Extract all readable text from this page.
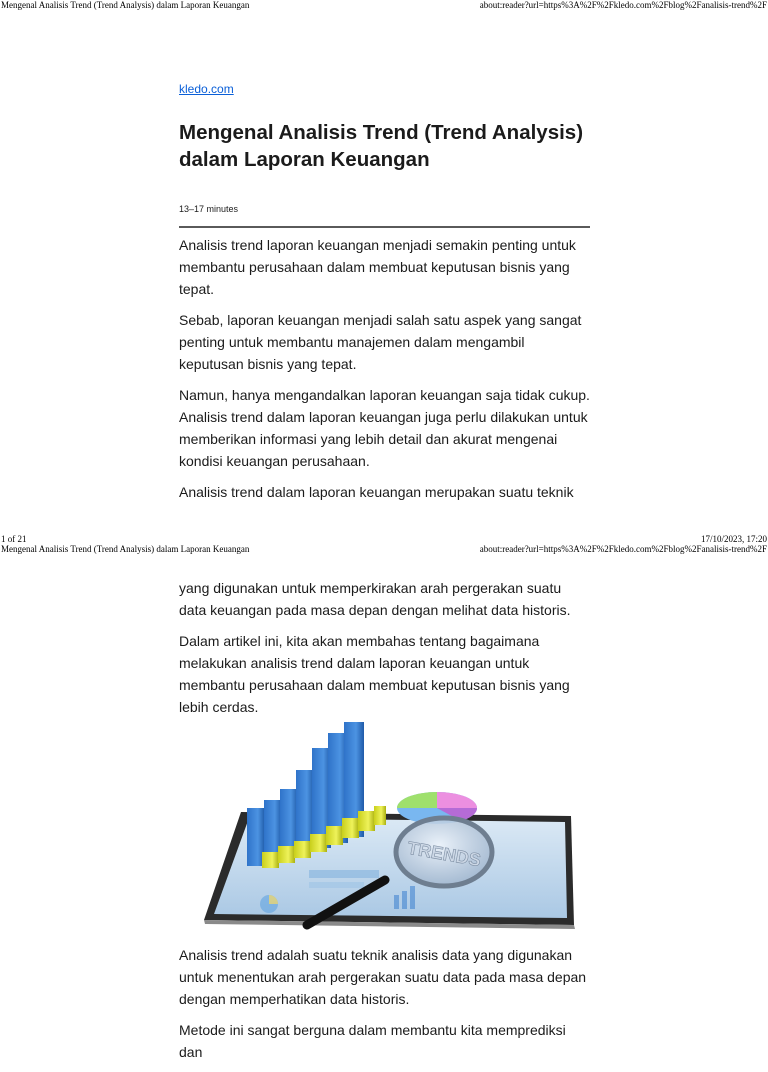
Mengenal Analisis Trend (Trend Analysis) dalam Laporan Keuangan	about:reader?url=https%3A%2F%2Fkledo.com%2Fblog%2Fanalisis-trend%2F
kledo.com
Mengenal Analisis Trend (Trend Analysis) dalam Laporan Keuangan
13–17 minutes

Analisis trend laporan keuangan menjadi semakin penting untuk membantu perusahaan dalam membuat keputusan bisnis yang tepat.

Sebab, laporan keuangan menjadi salah satu aspek yang sangat penting untuk membantu manajemen dalam mengambil keputusan bisnis yang tepat.

Namun, hanya mengandalkan laporan keuangan saja tidak cukup. Analisis trend dalam laporan keuangan juga perlu dilakukan untuk memberikan informasi yang lebih detail dan akurat mengenai kondisi keuangan perusahaan.

Analisis trend dalam laporan keuangan merupakan suatu teknik

1 of 21	17/10/2023, 17:20
Mengenal Analisis Trend (Trend Analysis) dalam Laporan Keuangan	about:reader?url=https%3A%2F%2Fkledo.com%2Fblog%2Fanalisis-trend%2F

yang digunakan untuk memperkirakan arah pergerakan suatu data keuangan pada masa depan dengan melihat data historis.

Dalam artikel ini, kita akan membahas tentang bagaimana melakukan analisis trend dalam laporan keuangan untuk membantu perusahaan dalam membuat keputusan bisnis yang lebih cerdas.

TRENDS

Analisis trend adalah suatu teknik analisis data yang digunakan untuk menentukan arah pergerakan suatu data pada masa depan dengan memperhatikan data historis.

Metode ini sangat berguna dalam membantu kita memprediksi dan
